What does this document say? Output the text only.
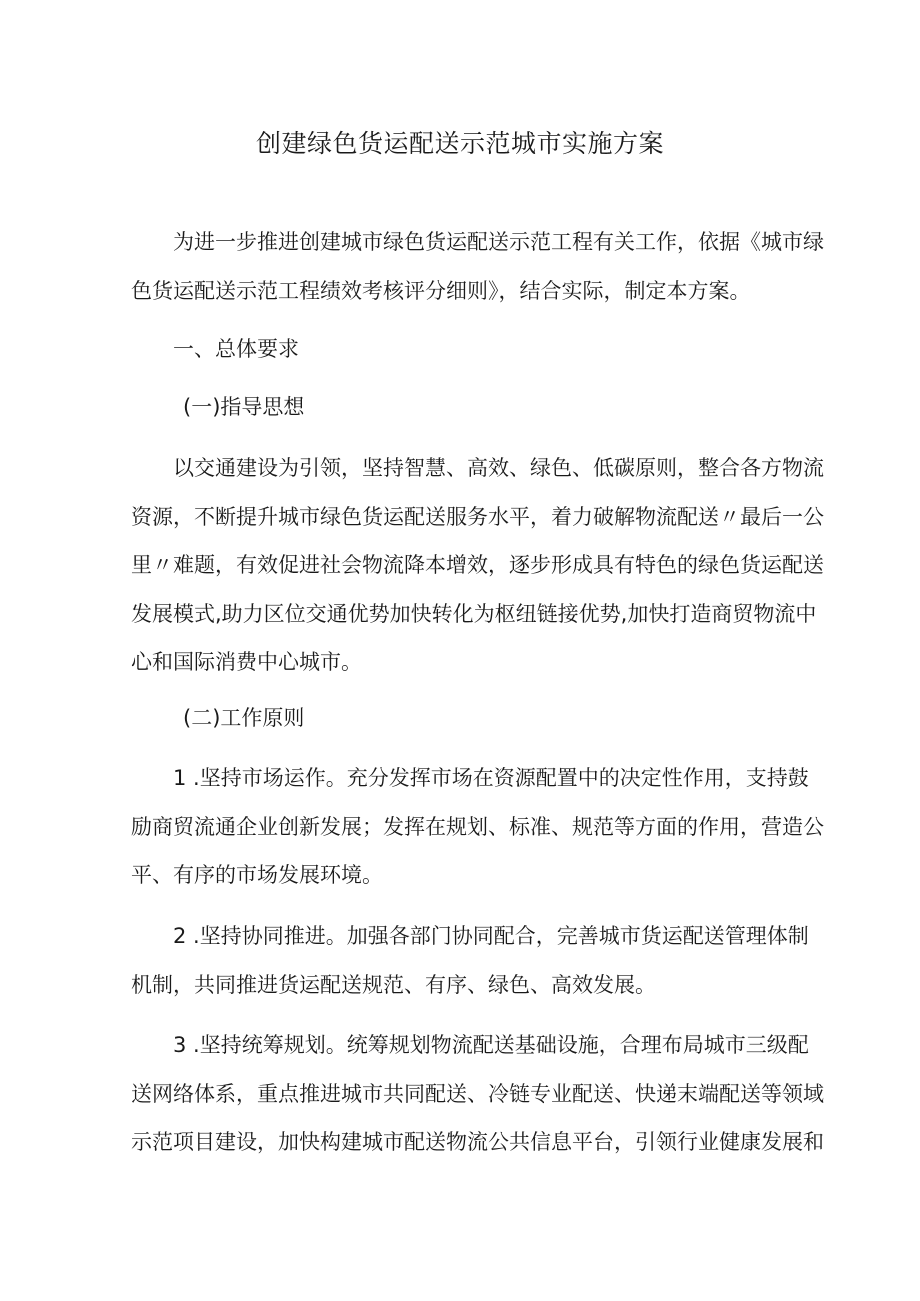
创建绿色货运配送示范城市实施方案
为进一步推进创建城市绿色货运配送示范工程有关工作，依据《城市绿
色货运配送示范工程绩效考核评分细则》，结合实际，制定本方案。
一、总体要求
(一)指导思想
以交通建设为引领，坚持智慧、高效、绿色、低碳原则，整合各方物流
资源，不断提升城市绿色货运配送服务水平，着力破解物流配送〃最后一公
里〃难题，有效促进社会物流降本增效，逐步形成具有特色的绿色货运配送
发展模式,助力区位交通优势加快转化为枢纽链接优势,加快打造商贸物流中
心和国际消费中心城市。
(二)工作原则
1 .坚持市场运作。充分发挥市场在资源配置中的决定性作用，支持鼓
励商贸流通企业创新发展；发挥在规划、标准、规范等方面的作用，营造公
平、有序的市场发展环境。
2 .坚持协同推进。加强各部门协同配合，完善城市货运配送管理体制
机制，共同推进货运配送规范、有序、绿色、高效发展。
3 .坚持统筹规划。统筹规划物流配送基础设施，合理布局城市三级配
送网络体系，重点推进城市共同配送、冷链专业配送、快递末端配送等领域
示范项目建设，加快构建城市配送物流公共信息平台，引领行业健康发展和
